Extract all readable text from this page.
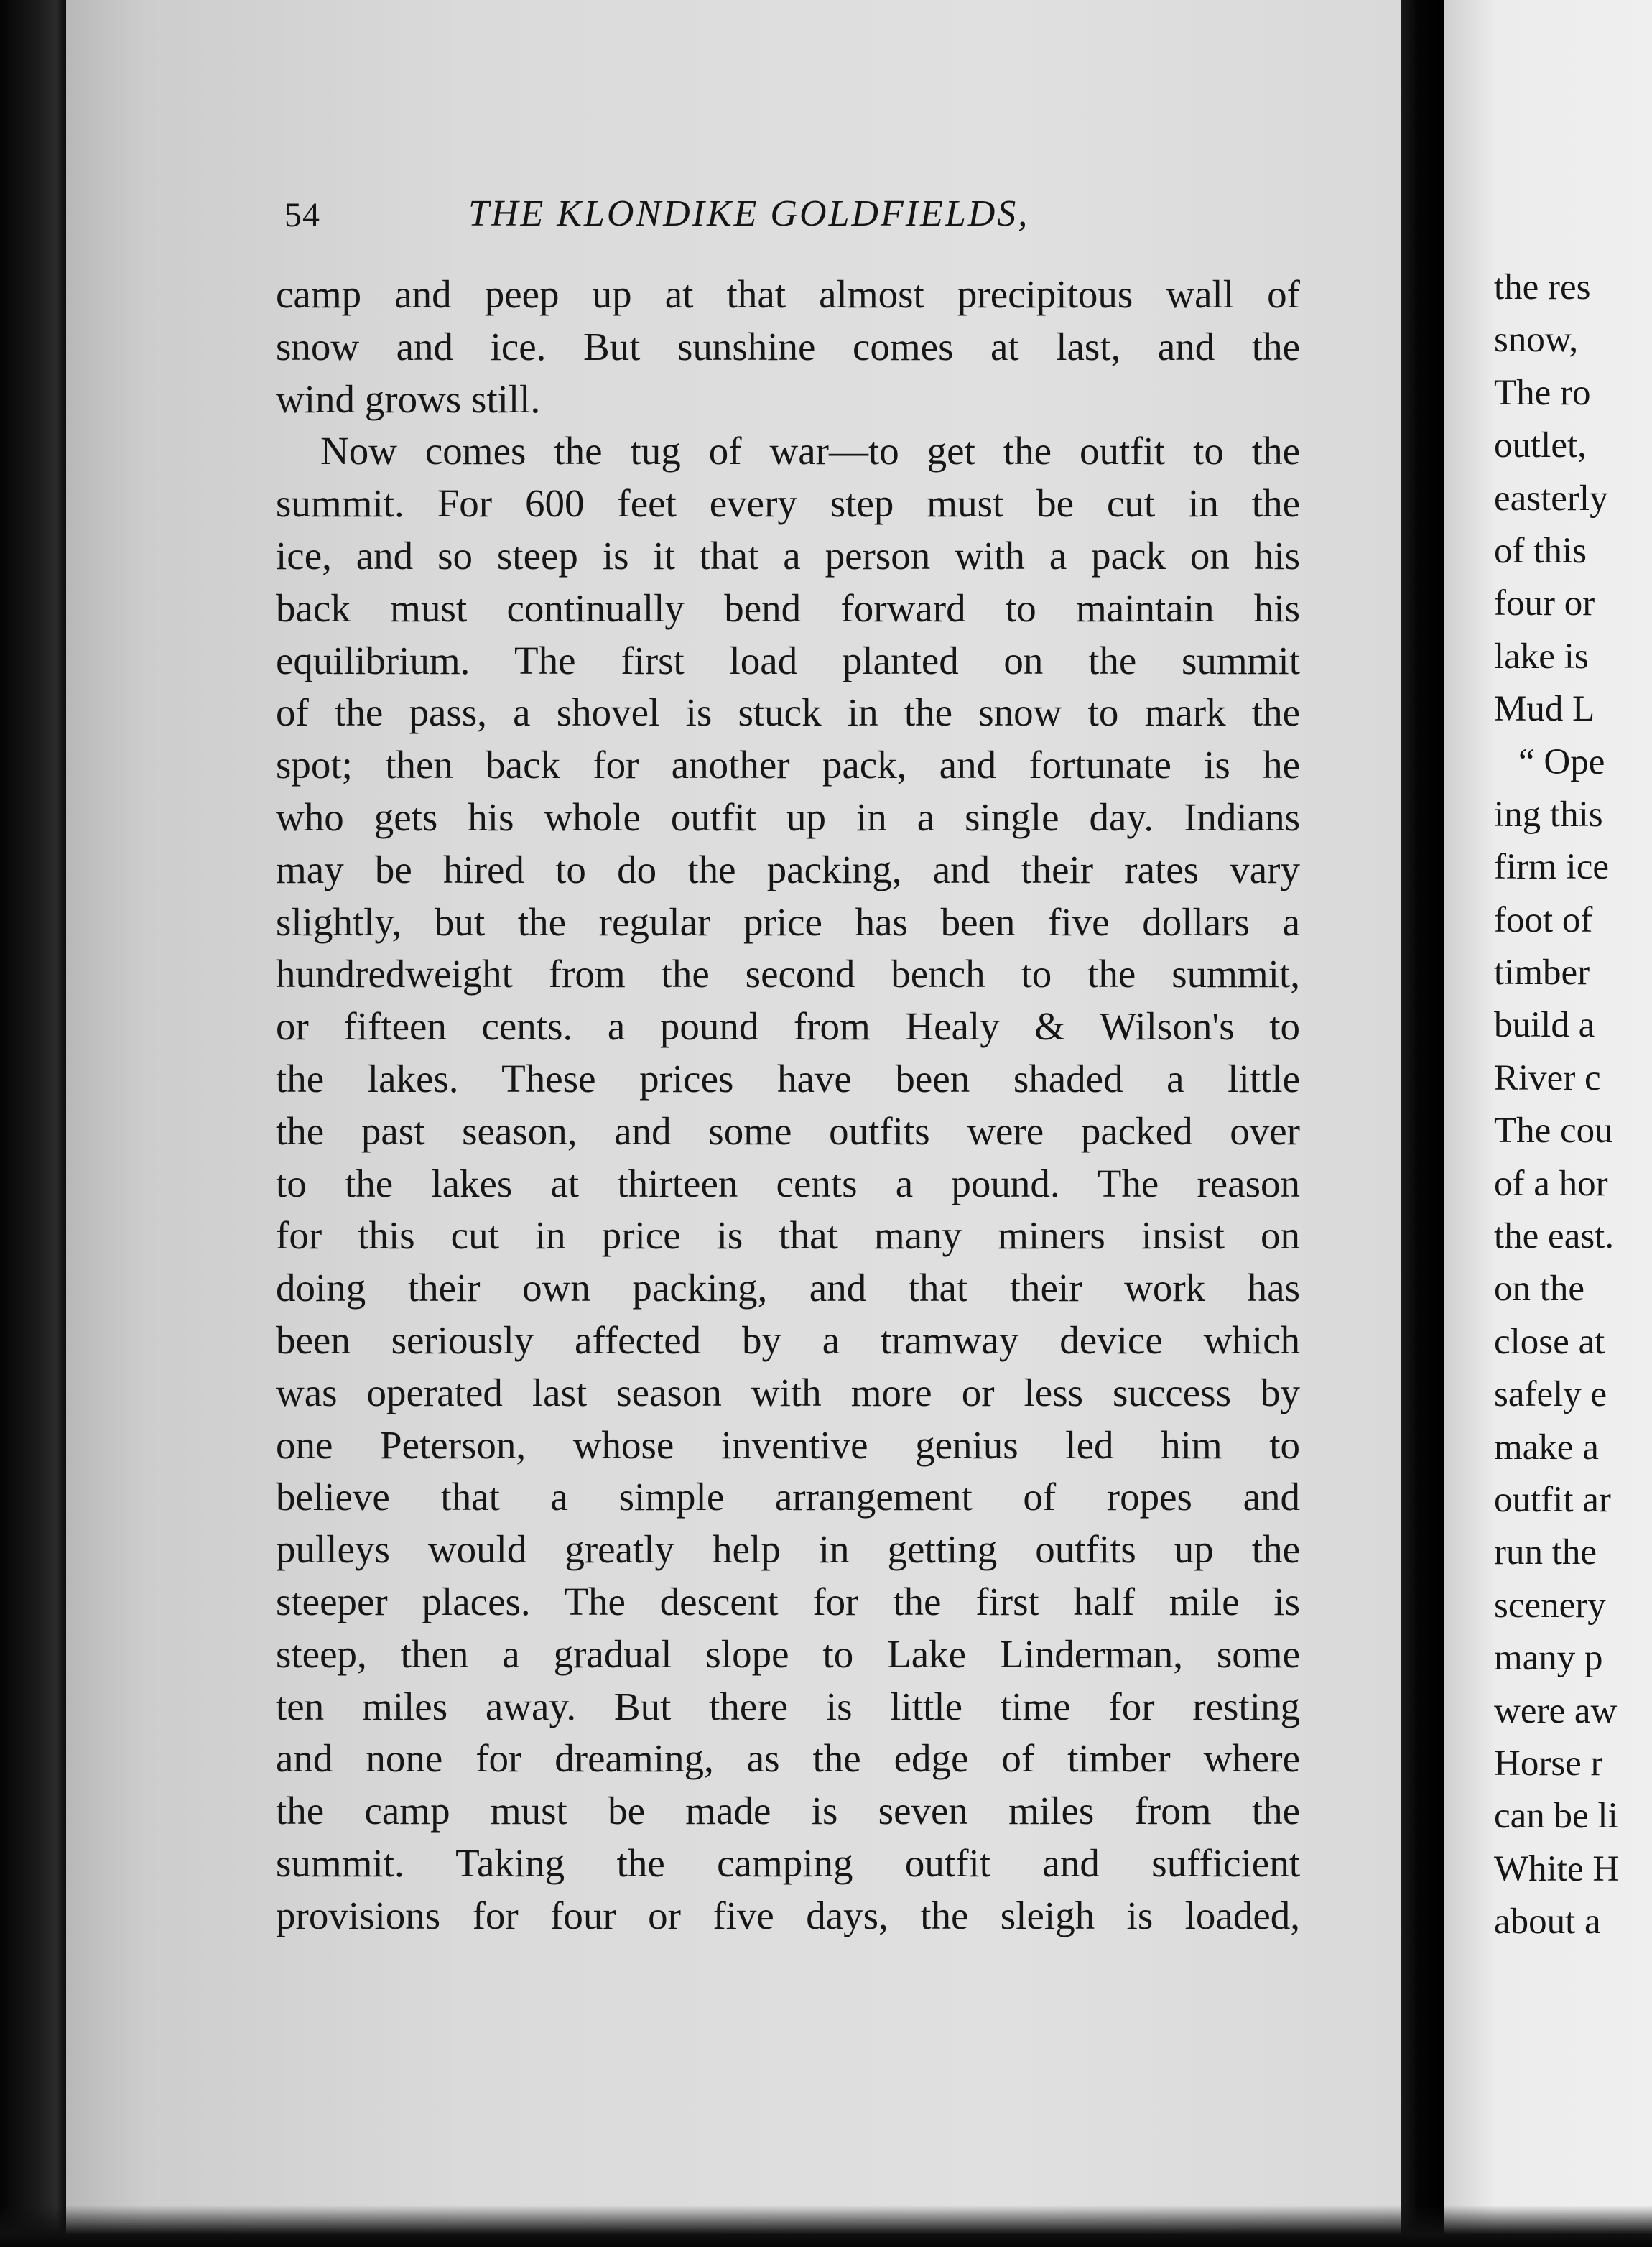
54	THE KLONDIKE GOLDFIELDS,
camp and peep up at that almost precipitous wall of
snow and ice. But sunshine comes at last, and the
wind grows still.
Now comes the tug of war—to get the outfit to the
summit. For 600 feet every step must be cut in the
ice, and so steep is it that a person with a pack on his
back must continually bend forward to maintain his
equilibrium. The first load planted on the summit
of the pass, a shovel is stuck in the snow to mark the
spot; then back for another pack, and fortunate is he
who gets his whole outfit up in a single day. Indians
may be hired to do the packing, and their rates vary
slightly, but the regular price has been five dollars a
hundredweight from the second bench to the summit,
or fifteen cents. a pound from Healy & Wilson's to
the lakes. These prices have been shaded a little
the past season, and some outfits were packed over
to the lakes at thirteen cents a pound. The reason
for this cut in price is that many miners insist on
doing their own packing, and that their work has
been seriously affected by a tramway device which
was operated last season with more or less success by
one Peterson, whose inventive genius led him to
believe that a simple arrangement of ropes and
pulleys would greatly help in getting outfits up the
steeper places. The descent for the first half mile is
steep, then a gradual slope to Lake Linderman, some
ten miles away. But there is little time for resting
and none for dreaming, as the edge of timber where
the camp must be made is seven miles from the
summit. Taking the camping outfit and sufficient
provisions for four or five days, the sleigh is loaded,
the res
snow,
The ro
outlet,
easterly
of this
four or
lake is
Mud L
“ Ope
ing this
firm ice
foot of
timber
build a
River c
The cou
of a hor
the east.
on the
close at
safely e
make a
outfit ar
run the
scenery
many p
were aw
Horse r
can be li
White H
about a
